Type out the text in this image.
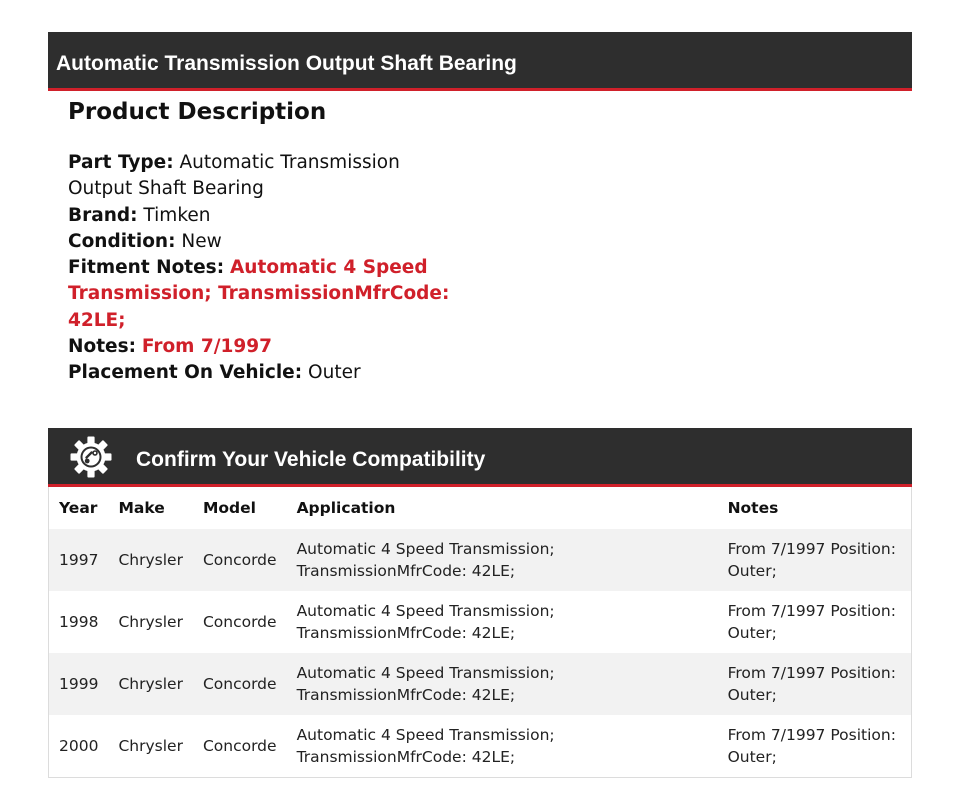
Automatic Transmission Output Shaft Bearing
Product Description

Part Type: Automatic Transmission Output Shaft Bearing

Brand: Timken

Condition: New

Fitment Notes: Automatic 4 Speed Transmission; TransmissionMfrCode: 42LE;

Notes: From 7/1997

Placement On Vehicle: Outer

Confirm Your Vehicle Compatibility
Year	Make	Model	Application	Notes
1997	Chrysler	Concorde	Automatic 4 Speed Transmission; TransmissionMfrCode: 42LE;	From 7/1997 Position: Outer;
1998	Chrysler	Concorde	Automatic 4 Speed Transmission; TransmissionMfrCode: 42LE;	From 7/1997 Position: Outer;
1999	Chrysler	Concorde	Automatic 4 Speed Transmission; TransmissionMfrCode: 42LE;	From 7/1997 Position: Outer;
2000	Chrysler	Concorde	Automatic 4 Speed Transmission; TransmissionMfrCode: 42LE;	From 7/1997 Position: Outer;
